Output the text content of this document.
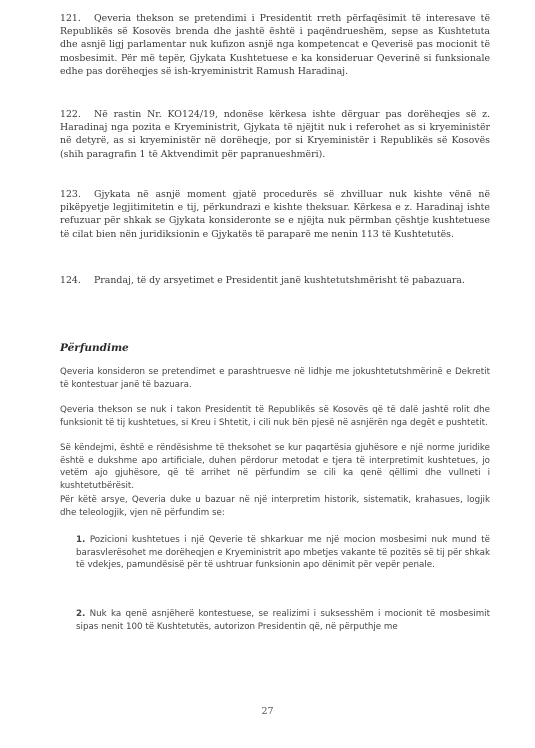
121. Qeveria thekson se pretendimi i Presidentit rreth përfaqësimit të interesave të Republikës së Kosovës brenda dhe jashtë është i paqëndrueshëm, sepse as Kushtetuta dhe asnjë ligj parlamentar nuk kufizon asnjë nga kompetencat e Qeverisë pas mocionit të mosbesimit. Për më tepër, Gjykata Kushtetuese e ka konsideruar Qeverinë si funksionale edhe pas dorëheqjes së ish-kryeministrit Ramush Haradinaj.

122. Në rastin Nr. KO124/19, ndonëse kërkesa ishte dërguar pas dorëheqjes së z. Haradinaj nga pozita e Kryeministrit, Gjykata të njëjtit nuk i referohet as si kryeministër në detyrë, as si kryeministër në dorëheqje, por si Kryeministër i Republikës së Kosovës (shih paragrafin 1 të Aktvendimit për papranueshmëri).

123. Gjykata në asnjë moment gjatë procedurës së zhvilluar nuk kishte vënë në pikëpyetje legjitimitetin e tij, përkundrazi e kishte theksuar. Kërkesa e z. Haradinaj ishte refuzuar për shkak se Gjykata konsideronte se e njëjta nuk përmban çështje kushtetuese të cilat bien nën juridiksionin e Gjykatës të paraparë me nenin 113 të Kushtetutës.

124. Prandaj, të dy arsyetimet e Presidentit janë kushtetutshmërisht të pabazuara.

Përfundime

Qeveria konsideron se pretendimet e parashtruesve në lidhje me jokushtetutshmërinë e Dekretit të kontestuar janë të bazuara.

Qeveria thekson se nuk i takon Presidentit të Republikës së Kosovës që të dalë jashtë rolit dhe funksionit të tij kushtetues, si Kreu i Shtetit, i cili nuk bën pjesë në asnjërën nga degët e pushtetit.

Së këndejmi, është e rëndësishme të theksohet se kur paqartësia gjuhësore e një norme juridike është e dukshme apo artificiale, duhen përdorur metodat e tjera të interpretimit kushtetues, jo vetëm ajo gjuhësore, që të arrihet në përfundim se cili ka qenë qëllimi dhe vullneti i kushtetutbërësit.

Për këtë arsye, Qeveria duke u bazuar në një interpretim historik, sistematik, krahasues, logjik dhe teleologjik, vjen në përfundim se:

1. Pozicioni kushtetues i një Qeverie të shkarkuar me një mocion mosbesimi nuk mund të barasvlerësohet me dorëheqjen e Kryeministrit apo mbetjes vakante të pozitës së tij për shkak të vdekjes, pamundësisë për të ushtruar funksionin apo dënimit për vepër penale.

2. Nuk ka qenë asnjëherë kontestuese, se realizimi i suksesshëm i mocionit të mosbesimit sipas nenit 100 të Kushtetutës, autorizon Presidentin që, në përputhje me

27
